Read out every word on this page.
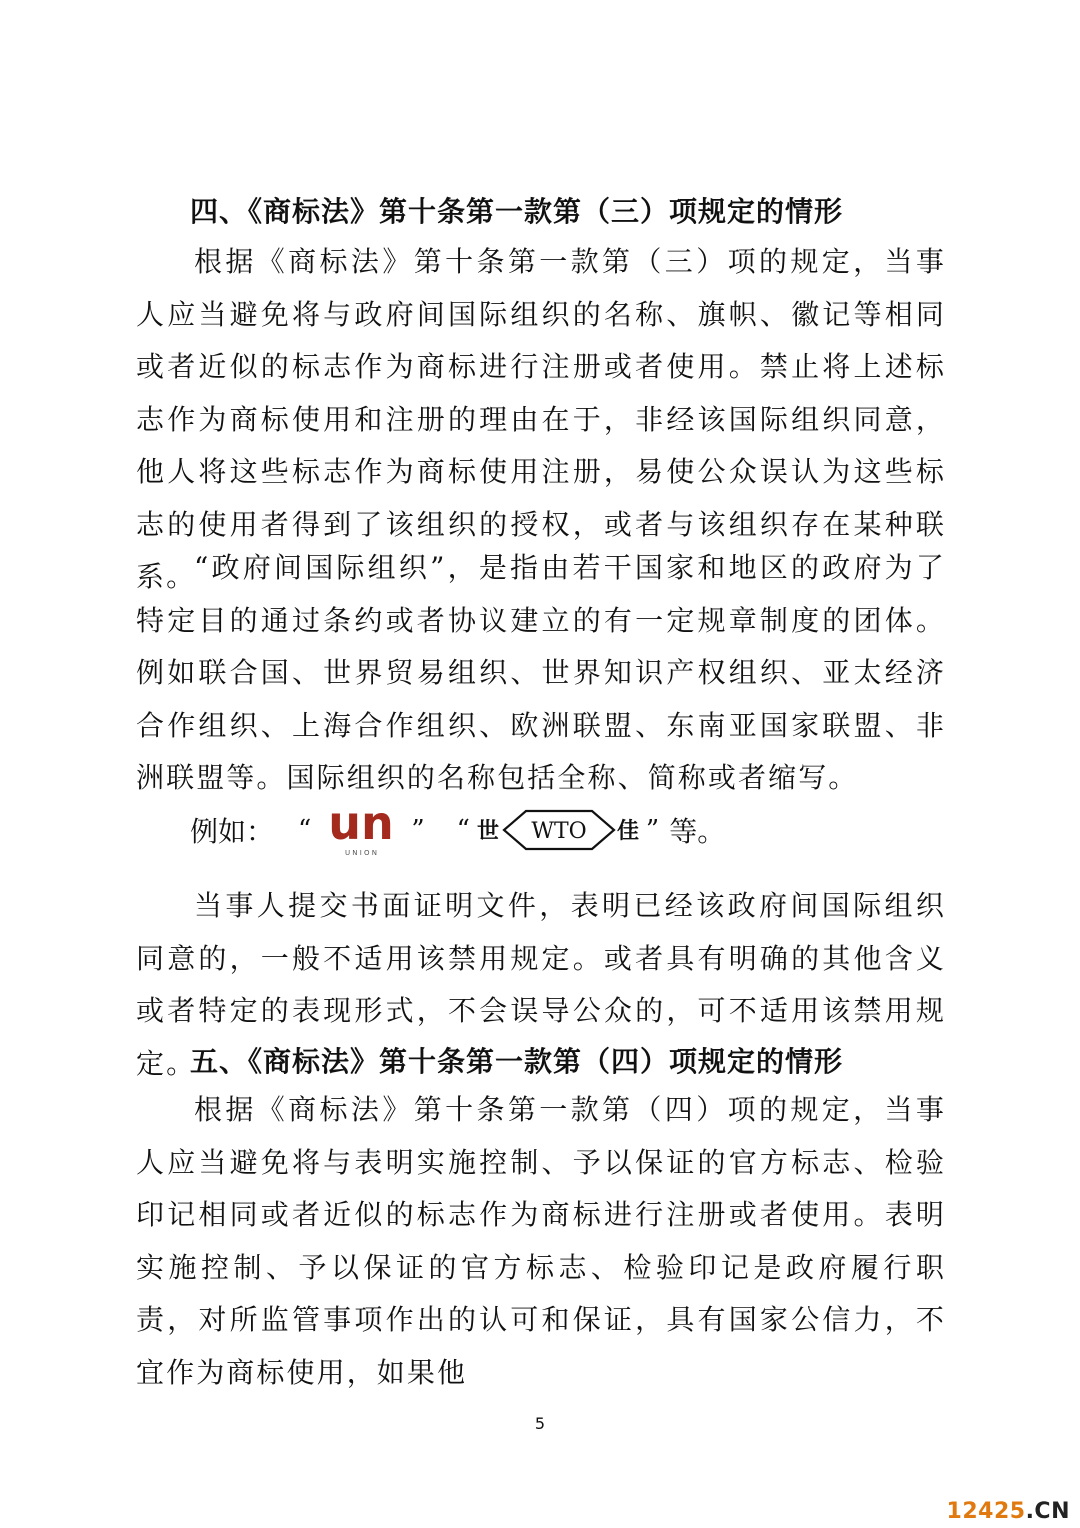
四、《商标法》第十条第一款第（三）项规定的情形

根据《商标法》第十条第一款第（三）项的规定，当事人应当避免将与政府间国际组织的名称、旗帜、徽记等相同或者近似的标志作为商标进行注册或者使用。禁止将上述标志作为商标使用和注册的理由在于，非经该国际组织同意，他人将这些标志作为商标使用注册，易使公众误认为这些标志的使用者得到了该组织的授权，或者与该组织存在某种联系。

“政府间国际组织”，是指由若干国家和地区的政府为了特定目的通过条约或者协议建立的有一定规章制度的团体。例如联合国、世界贸易组织、世界知识产权组织、亚太经济合作组织、上海合作组织、欧洲联盟、东南亚国家联盟、非洲联盟等。国际组织的名称包括全称、简称或者缩写。

例如： “ un
U N I O N
” “ 世 WTO 佳 ” 等。

当事人提交书面证明文件，表明已经该政府间国际组织同意的，一般不适用该禁用规定。或者具有明确的其他含义或者特定的表现形式，不会误导公众的，可不适用该禁用规定。

五、《商标法》第十条第一款第（四）项规定的情形

根据《商标法》第十条第一款第（四）项的规定，当事人应当避免将与表明实施控制、予以保证的官方标志、检验印记相同或者近似的标志作为商标进行注册或者使用。表明实施控制、予以保证的官方标志、检验印记是政府履行职责，对所监管事项作出的认可和保证，具有国家公信力，不宜作为商标使用，如果他

5
12425.CN
